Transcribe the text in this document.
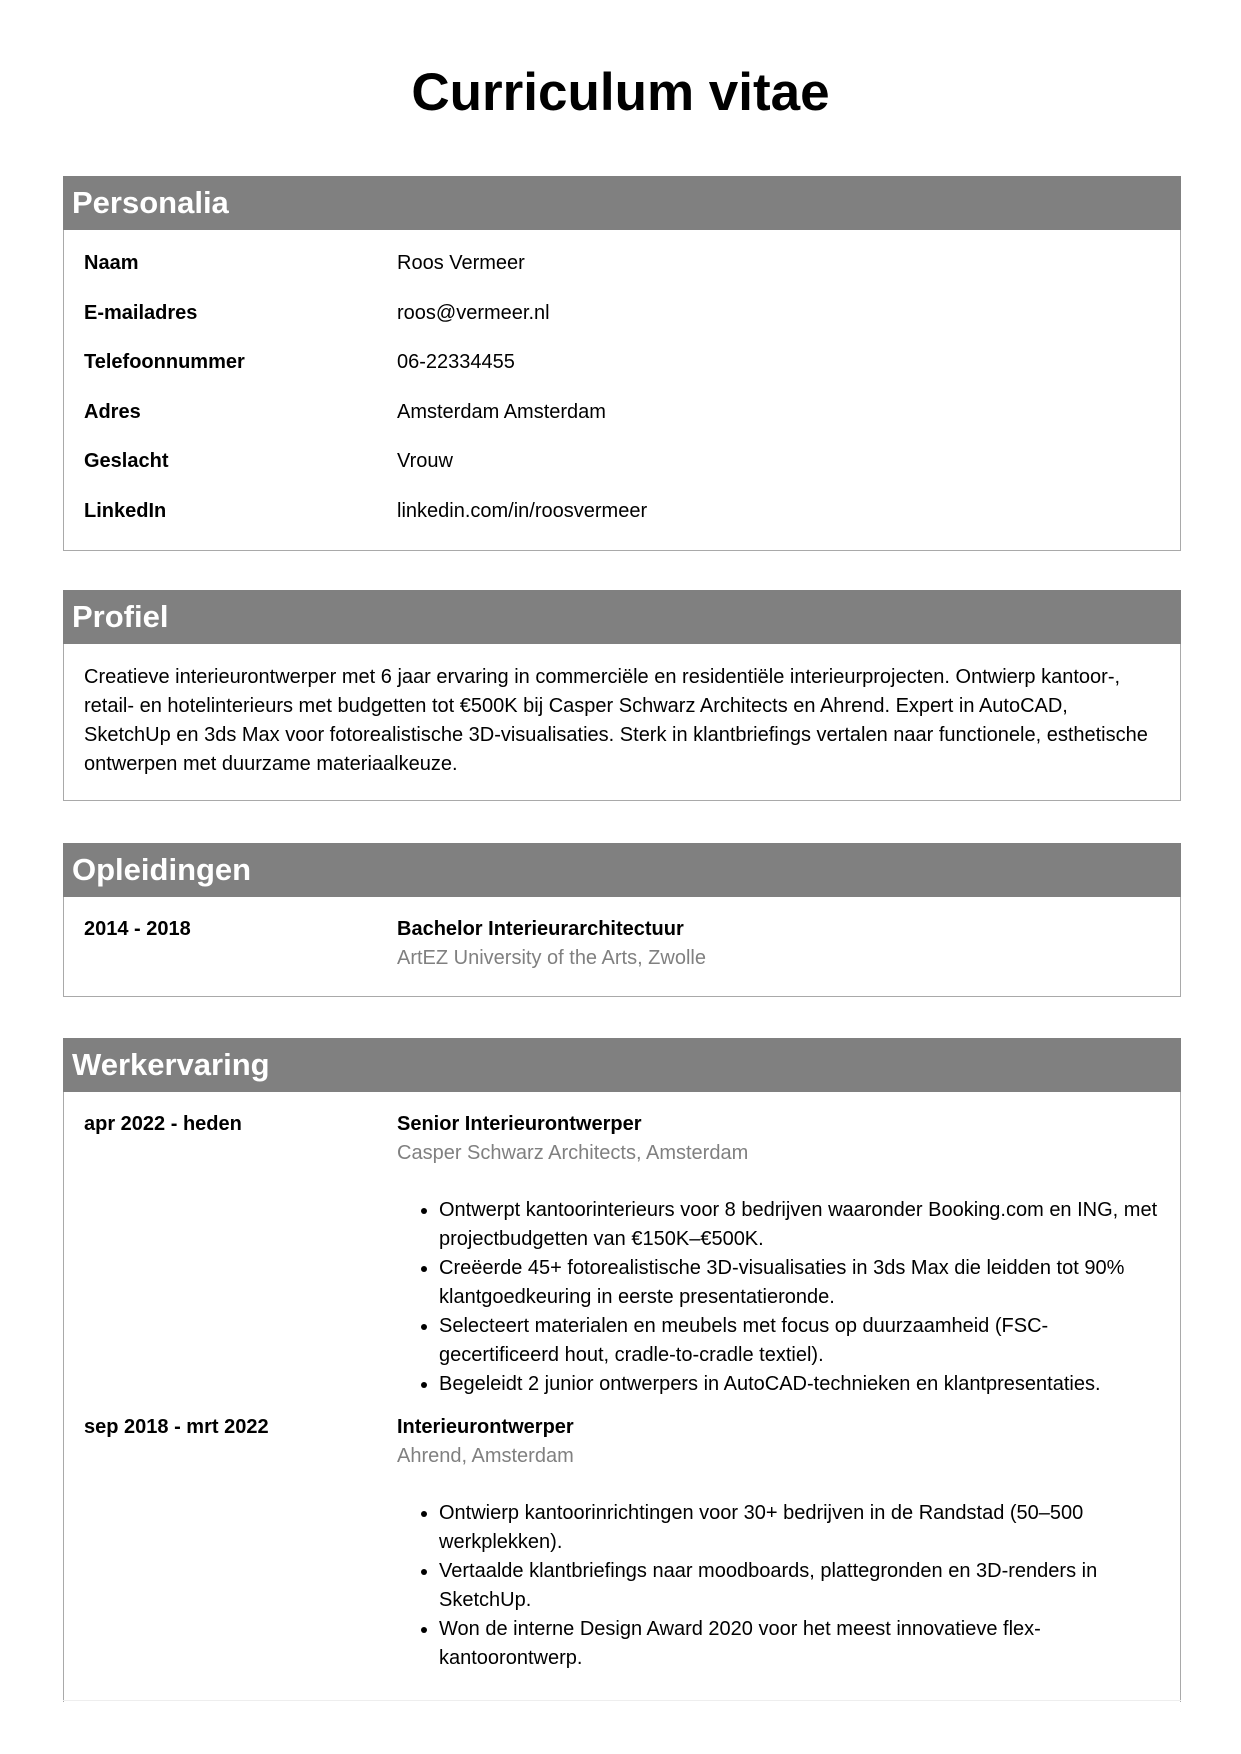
Curriculum vitae
Personalia
Naam	Roos Vermeer
E-mailadres	roos@vermeer.nl
Telefoonnummer	06-22334455
Adres	Amsterdam Amsterdam
Geslacht	Vrouw
LinkedIn	linkedin.com/in/roosvermeer
Profiel

Creatieve interieurontwerper met 6 jaar ervaring in commerciële en residentiële interieurprojecten. Ontwierp kantoor-, retail- en hotelinterieurs met budgetten tot €500K bij Casper Schwarz Architects en Ahrend. Expert in AutoCAD, SketchUp en 3ds Max voor fotorealistische 3D-visualisaties. Sterk in klantbriefings vertalen naar functionele, esthetische ontwerpen met duurzame materiaalkeuze.

Opleidingen
2014 - 2018	Bachelor Interieurarchitectuur
ArtEZ University of the Arts, Zwolle
Werkervaring
apr 2022 - heden	Senior Interieurontwerper
Casper Schwarz Architects, Amsterdam
• Ontwerpt kantoorinterieurs voor 8 bedrijven waaronder Booking.com en ING, met projectbudgetten van €150K–€500K.
• Creëerde 45+ fotorealistische 3D-visualisaties in 3ds Max die leidden tot 90% klantgoedkeuring in eerste presentatieronde.
• Selecteert materialen en meubels met focus op duurzaamheid (FSC-gecertificeerd hout, cradle-to-cradle textiel).
• Begeleidt 2 junior ontwerpers in AutoCAD-technieken en klantpresentaties.
sep 2018 - mrt 2022	Interieurontwerper
Ahrend, Amsterdam
• Ontwierp kantoorinrichtingen voor 30+ bedrijven in de Randstad (50–500 werkplekken).
• Vertaalde klantbriefings naar moodboards, plattegronden en 3D-renders in SketchUp.
• Won de interne Design Award 2020 voor het meest innovatieve flex-kantoorontwerp.
